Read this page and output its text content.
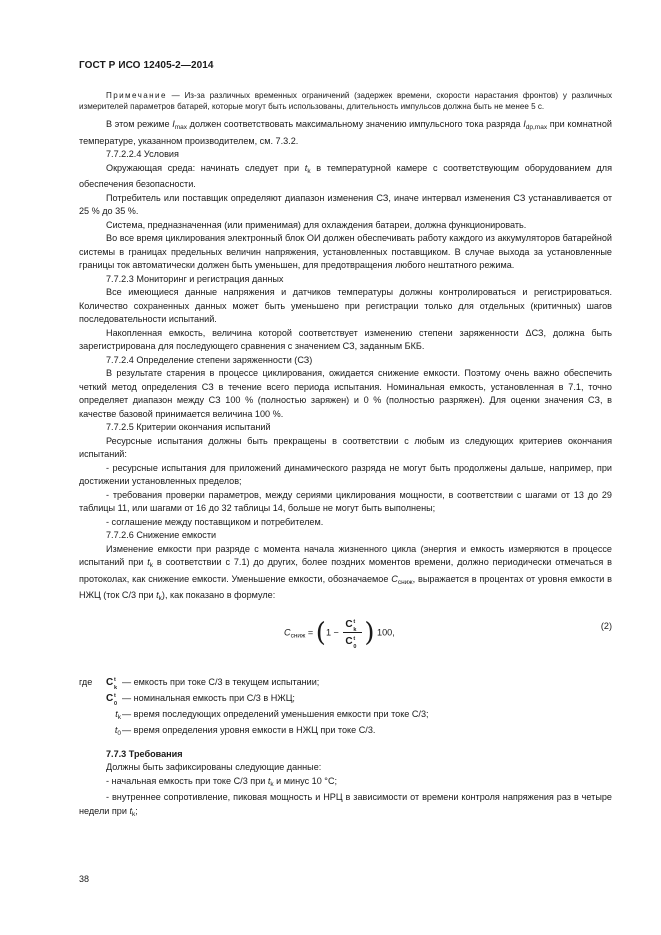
ГОСТ Р ИСО 12405-2—2014

Примечание — Из-за различных временных ограничений (задержек времени, скорости нарастания фронтов) у различных измерителей параметров батарей, которые могут быть использованы, длительность импульсов должна быть не менее 5 с.

В этом режиме $I_{max}$ должен соответствовать максимальному значению импульсного тока разряда $I_{dp,max}$ при комнатной температуре, указанном производителем, см. 7.3.2.

7.7.2.2.4 Условия

Окружающая среда: начинать следует при $t_k$ в температурной камере с соответствующим оборудованием для обеспечения безопасности.

Потребитель или поставщик определяют диапазон изменения СЗ, иначе интервал изменения СЗ устанавливается от 25 % до 35 %.

Система, предназначенная (или применимая) для охлаждения батареи, должна функционировать.

Во все время циклирования электронный блок ОИ должен обеспечивать работу каждого из аккумуляторов батарейной системы в границах предельных величин напряжения, установленных поставщиком. В случае выхода за установленные границы ток автоматически должен быть уменьшен, для предотвращения любого нештатного режима.

7.7.2.3 Мониторинг и регистрация данных

Все имеющиеся данные напряжения и датчиков температуры должны контролироваться и регистрироваться. Количество сохраненных данных может быть уменьшено при регистрации только для отдельных (критичных) шагов последовательности испытаний.

Накопленная емкость, величина которой соответствует изменению степени заряженности ΔСЗ, должна быть зарегистрирована для последующего сравнения с значением СЗ, заданным БКБ.

7.7.2.4 Определение степени заряженности (СЗ)

В результате старения в процессе циклирования, ожидается снижение емкости. Поэтому очень важно обеспечить четкий метод определения СЗ в течение всего периода испытания. Номинальная емкость, установленная в 7.1, точно определяет диапазон между СЗ 100 % (полностью заряжен) и 0 % (полностью разряжен). Для оценки значения СЗ, в качестве базовой принимается величина 100 %.

7.7.2.5 Критерии окончания испытаний

Ресурсные испытания должны быть прекращены в соответствии с любым из следующих критериев окончания испытаний:

- ресурсные испытания для приложений динамического разряда не могут быть продолжены дальше, например, при достижении установленных пределов;

- требования проверки параметров, между сериями циклирования мощности, в соответствии с шагами от 13 до 29 таблицы 11, или шагами от 16 до 32 таблицы 14, больше не могут быть выполнены;

- соглашение между поставщиком и потребителем.

7.7.2.6 Снижение емкости

Изменение емкости при разряде с момента начала жизненного цикла (энергия и емкость измеряются в процессе испытаний при $t_k$ в соответствии с 7.1) до других, более поздних моментов времени, должно периодически отмечаться в протоколах, как снижение емкости. Уменьшение емкости, обозначаемое $C_{сниж}$, выражается в процентах от уровня емкости в НЖЦ (ток С/3 при $t_k$), как показано в формуле:

$C_{сниж} = (1 - C$ t
k
C t
0 ) 100,
(2)
где C t
k
— емкость при токе С/3 в текущем испытании;
C t
0
— номинальная емкость при С/3 в НЖЦ;
$t_k$ — время последующих определений уменьшения емкости при токе С/3;
$t_0$ — время определения уровня емкости в НЖЦ при токе С/3.

7.7.3 Требования

Должны быть зафиксированы следующие данные:

- начальная емкость при токе С/3 при $t_k$ и минус 10 °С;

- внутреннее сопротивление, пиковая мощность и НРЦ в зависимости от времени контроля напряжения раз в четыре недели при $t_k$;

38
